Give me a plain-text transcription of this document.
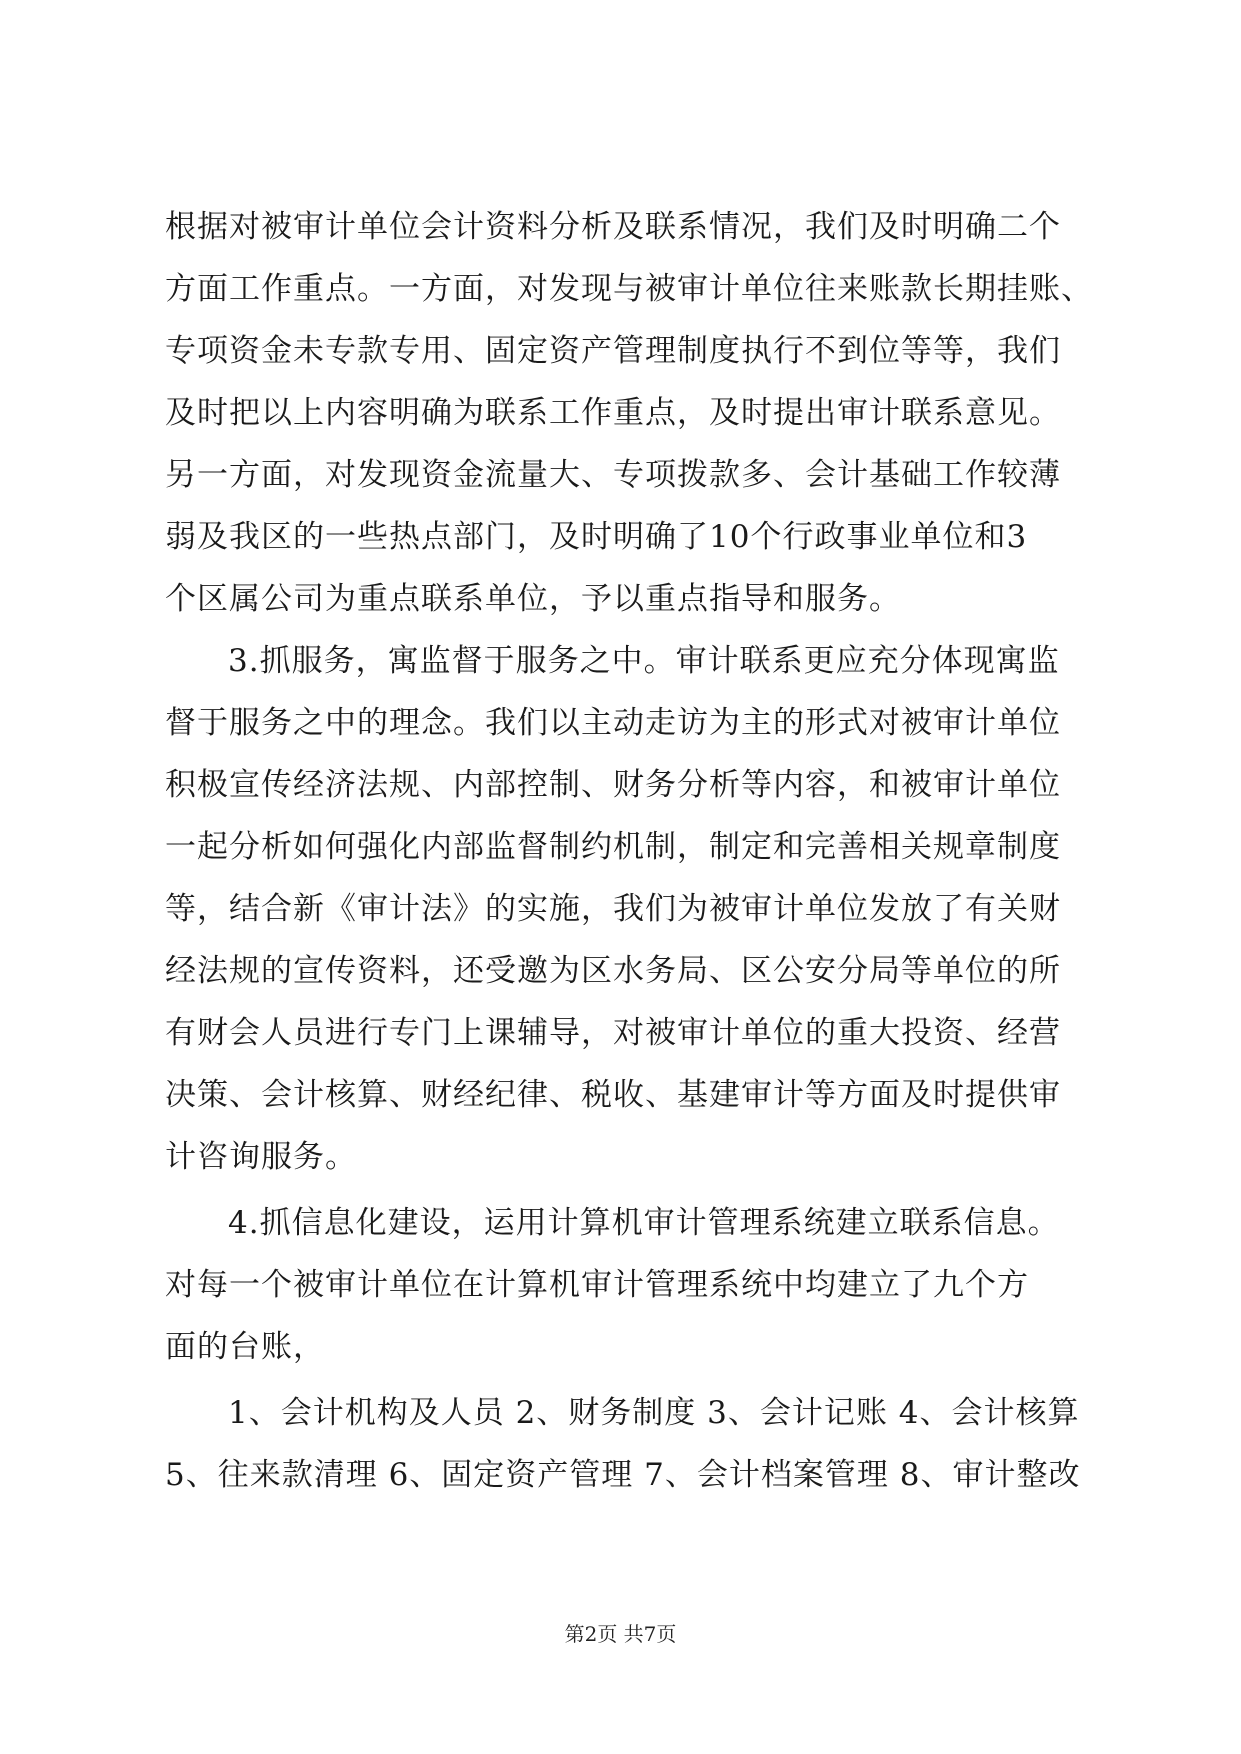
根据对被审计单位会计资料分析及联系情况，我们及时明确二个
方面工作重点。一方面，对发现与被审计单位往来账款长期挂账、
专项资金未专款专用、固定资产管理制度执行不到位等等，我们
及时把以上内容明确为联系工作重点，及时提出审计联系意见。
另一方面，对发现资金流量大、专项拨款多、会计基础工作较薄
弱及我区的一些热点部门，及时明确了10个行政事业单位和3
个区属公司为重点联系单位，予以重点指导和服务。
3.抓服务，寓监督于服务之中。审计联系更应充分体现寓监
督于服务之中的理念。我们以主动走访为主的形式对被审计单位
积极宣传经济法规、内部控制、财务分析等内容，和被审计单位
一起分析如何强化内部监督制约机制，制定和完善相关规章制度
等，结合新《审计法》的实施，我们为被审计单位发放了有关财
经法规的宣传资料，还受邀为区水务局、区公安分局等单位的所
有财会人员进行专门上课辅导，对被审计单位的重大投资、经营
决策、会计核算、财经纪律、税收、基建审计等方面及时提供审
计咨询服务。
4.抓信息化建设，运用计算机审计管理系统建立联系信息。
对每一个被审计单位在计算机审计管理系统中均建立了九个方
面的台账，
1、会计机构及人员 2、财务制度 3、会计记账 4、会计核算
5、往来款清理 6、固定资产管理 7、会计档案管理 8、审计整改
第2页 共7页
